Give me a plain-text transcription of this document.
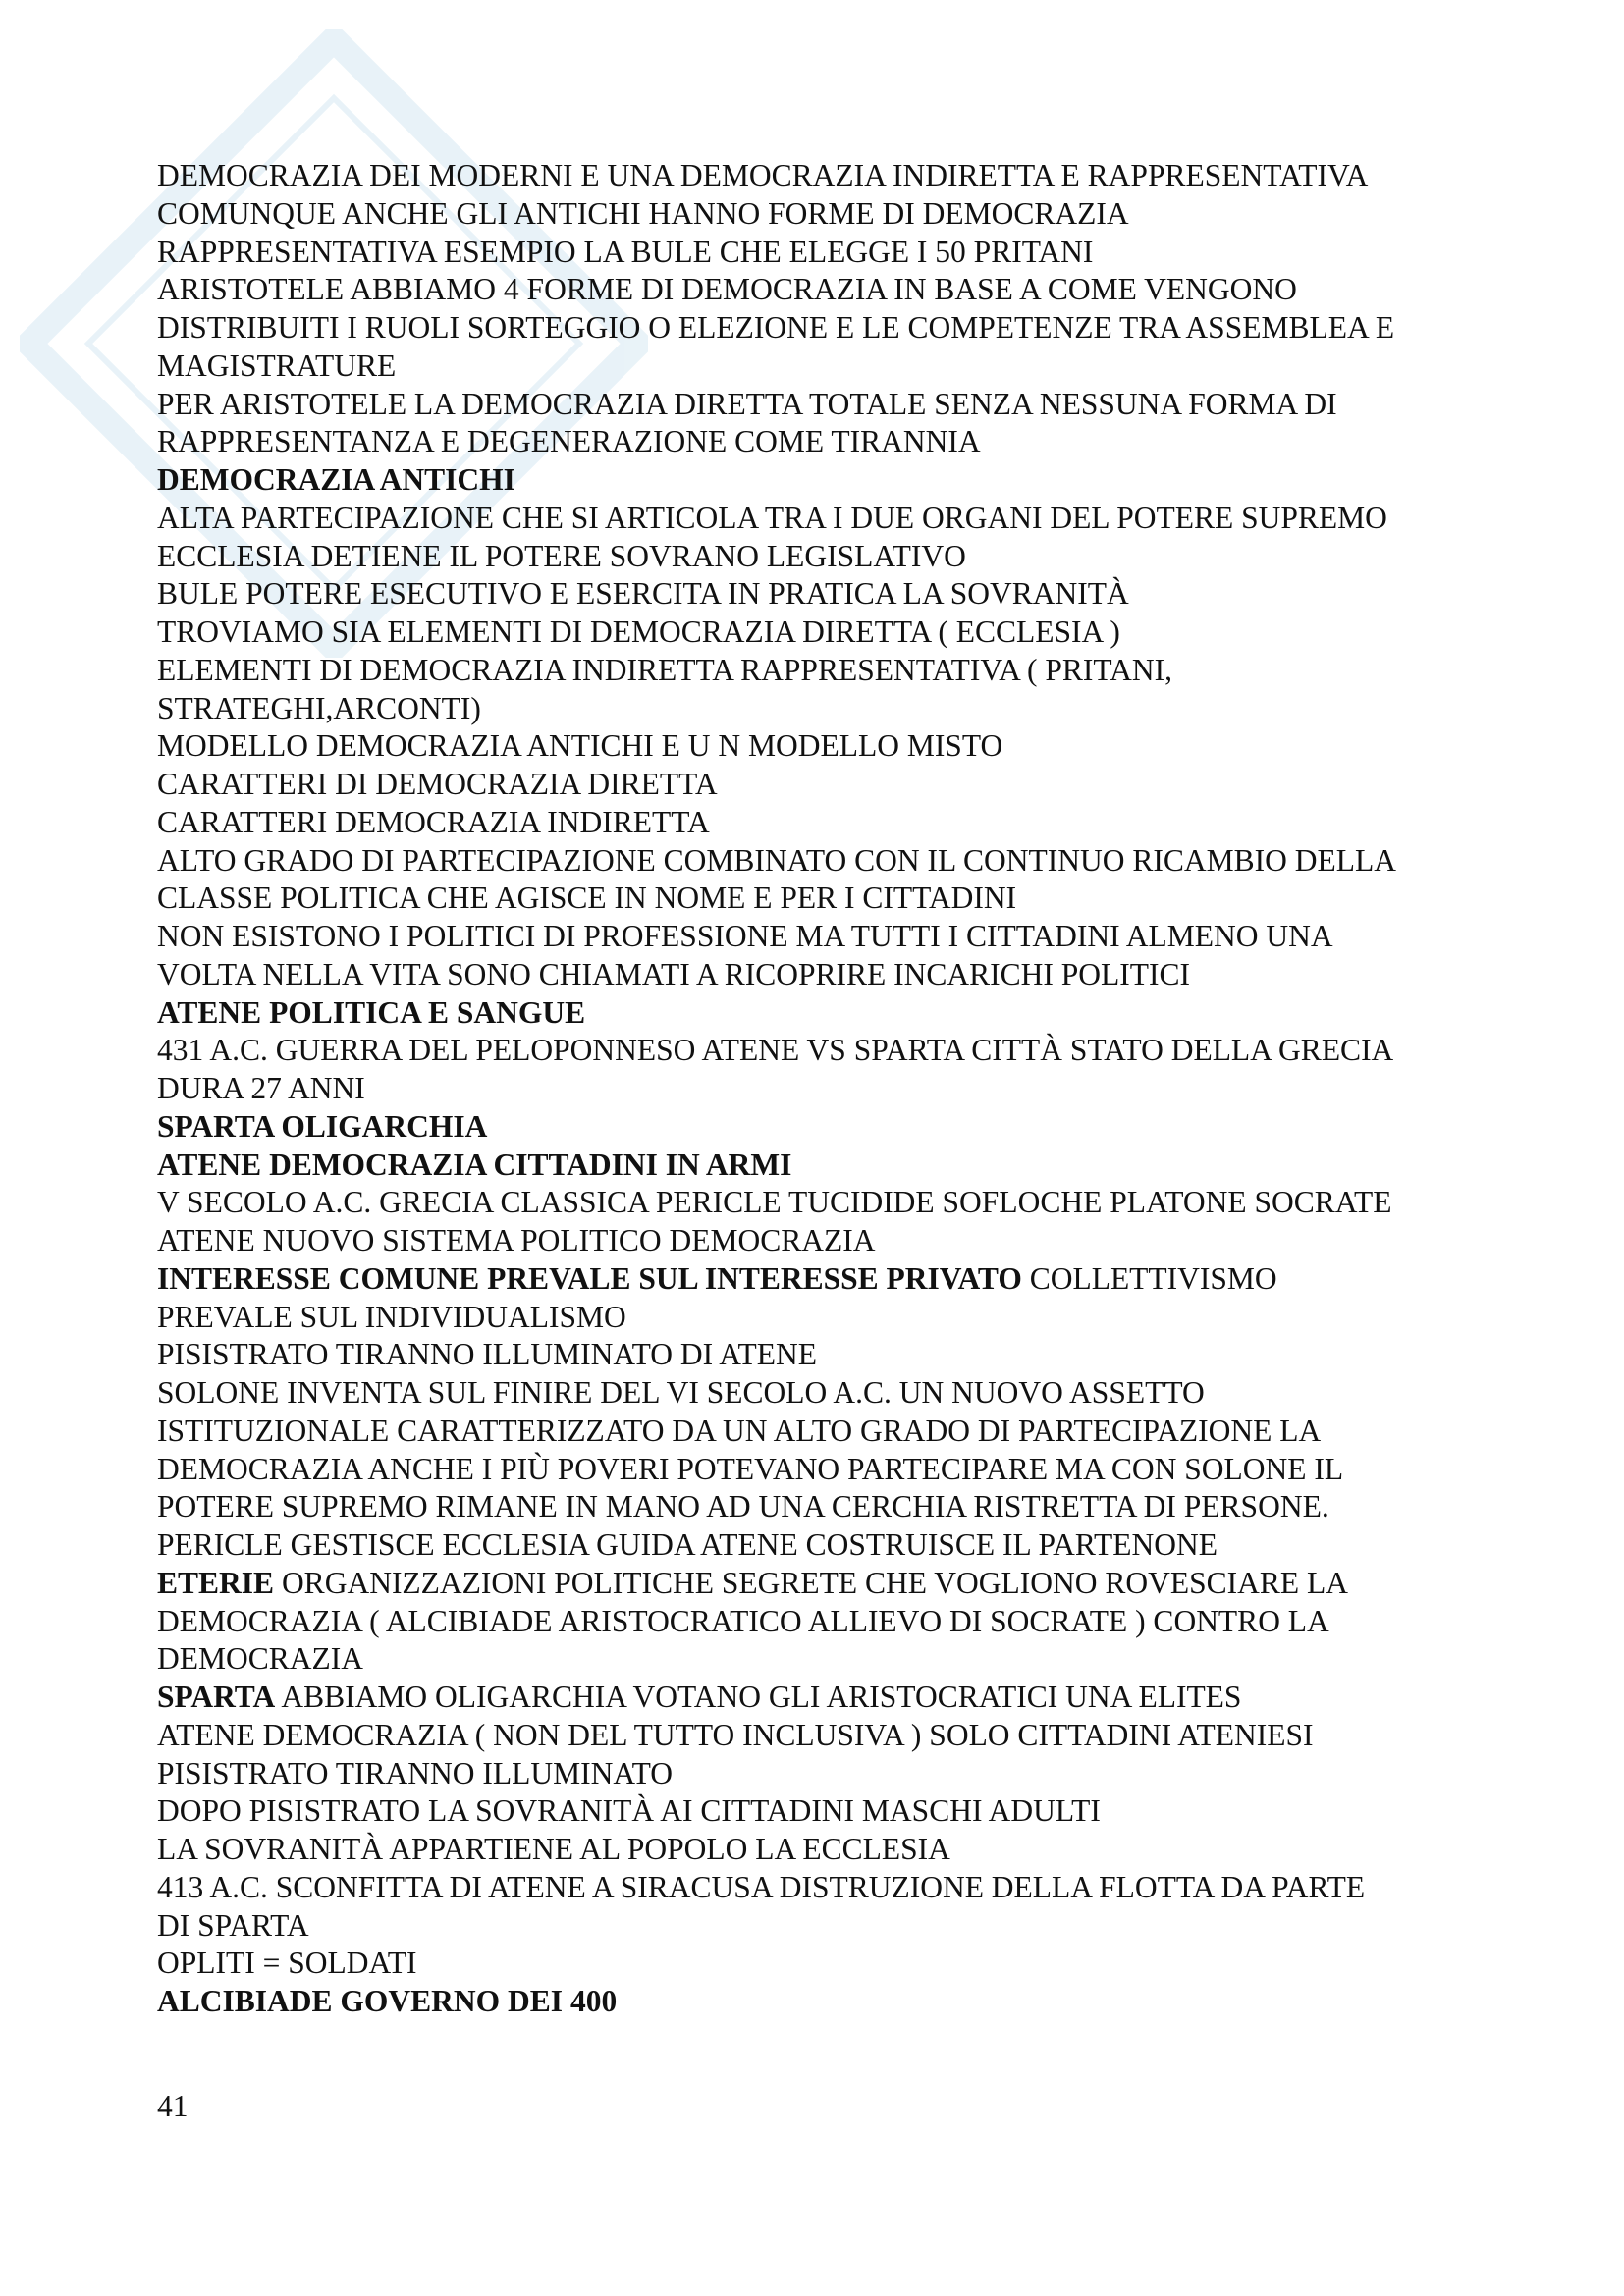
DEMOCRAZIA DEI MODERNI E UNA DEMOCRAZIA INDIRETTA E RAPPRESENTATIVA
COMUNQUE ANCHE GLI ANTICHI HANNO FORME DI DEMOCRAZIA
RAPPRESENTATIVA ESEMPIO LA BULE CHE ELEGGE I 50 PRITANI
ARISTOTELE ABBIAMO 4 FORME DI DEMOCRAZIA IN BASE A COME VENGONO
DISTRIBUITI I RUOLI SORTEGGIO O ELEZIONE E LE COMPETENZE TRA ASSEMBLEA E
MAGISTRATURE
PER ARISTOTELE LA DEMOCRAZIA DIRETTA TOTALE SENZA NESSUNA FORMA DI
RAPPRESENTANZA E DEGENERAZIONE COME TIRANNIA
DEMOCRAZIA ANTICHI
ALTA PARTECIPAZIONE CHE SI ARTICOLA TRA I DUE ORGANI DEL POTERE SUPREMO
ECCLESIA DETIENE IL POTERE SOVRANO LEGISLATIVO
BULE POTERE ESECUTIVO E ESERCITA IN PRATICA LA SOVRANITÀ
TROVIAMO SIA ELEMENTI DI DEMOCRAZIA DIRETTA ( ECCLESIA )
ELEMENTI DI DEMOCRAZIA INDIRETTA RAPPRESENTATIVA ( PRITANI,
STRATEGHI,ARCONTI)
MODELLO DEMOCRAZIA ANTICHI E U N MODELLO MISTO
CARATTERI DI DEMOCRAZIA DIRETTA
CARATTERI DEMOCRAZIA INDIRETTA
ALTO GRADO DI PARTECIPAZIONE COMBINATO CON IL CONTINUO RICAMBIO DELLA
CLASSE POLITICA CHE AGISCE IN NOME E PER I CITTADINI
NON ESISTONO I POLITICI DI PROFESSIONE MA TUTTI I CITTADINI ALMENO UNA
VOLTA NELLA VITA SONO CHIAMATI A RICOPRIRE INCARICHI POLITICI
ATENE POLITICA E SANGUE
431 A.C. GUERRA DEL PELOPONNESO ATENE VS SPARTA CITTÀ STATO DELLA GRECIA
DURA 27 ANNI
SPARTA OLIGARCHIA
ATENE DEMOCRAZIA CITTADINI IN ARMI
V SECOLO A.C. GRECIA CLASSICA PERICLE TUCIDIDE SOFLOCHE PLATONE SOCRATE
ATENE NUOVO SISTEMA POLITICO DEMOCRAZIA
INTERESSE COMUNE PREVALE SUL INTERESSE PRIVATO COLLETTIVISMO
PREVALE SUL INDIVIDUALISMO
PISISTRATO TIRANNO ILLUMINATO DI ATENE
SOLONE INVENTA SUL FINIRE DEL VI SECOLO A.C. UN NUOVO ASSETTO
ISTITUZIONALE CARATTERIZZATO DA UN ALTO GRADO DI PARTECIPAZIONE LA
DEMOCRAZIA ANCHE I PIÙ POVERI POTEVANO PARTECIPARE MA CON SOLONE IL
POTERE SUPREMO RIMANE IN MANO AD UNA CERCHIA RISTRETTA DI PERSONE.
PERICLE GESTISCE ECCLESIA GUIDA ATENE COSTRUISCE IL PARTENONE
ETERIE ORGANIZZAZIONI POLITICHE SEGRETE CHE VOGLIONO ROVESCIARE LA
DEMOCRAZIA ( ALCIBIADE ARISTOCRATICO ALLIEVO DI SOCRATE ) CONTRO LA
DEMOCRAZIA
SPARTA ABBIAMO OLIGARCHIA VOTANO GLI ARISTOCRATICI UNA ELITES
ATENE DEMOCRAZIA ( NON DEL TUTTO INCLUSIVA ) SOLO CITTADINI ATENIESI
PISISTRATO TIRANNO ILLUMINATO
DOPO PISISTRATO LA SOVRANITÀ AI CITTADINI MASCHI ADULTI
LA SOVRANITÀ APPARTIENE AL POPOLO LA ECCLESIA
413 A.C. SCONFITTA DI ATENE A SIRACUSA DISTRUZIONE DELLA FLOTTA DA PARTE
DI SPARTA
OPLITI = SOLDATI
ALCIBIADE GOVERNO DEI 400
41
